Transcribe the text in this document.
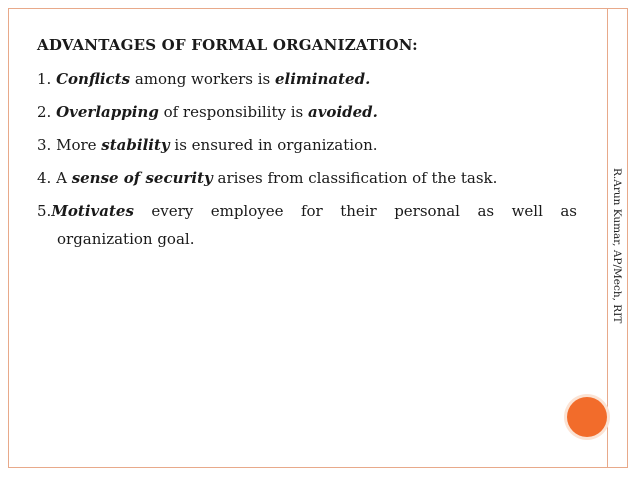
ADVANTAGES OF FORMAL ORGANIZATION:
1. Conflicts among workers is eliminated.
2. Overlapping of responsibility is avoided.
3. More stability is ensured in organization.
4. A sense of security arises from classification of the task.
5.Motivates every employee for their personal as well as
organization goal.	R.Arun Kumar, AP/Mech, RIT
